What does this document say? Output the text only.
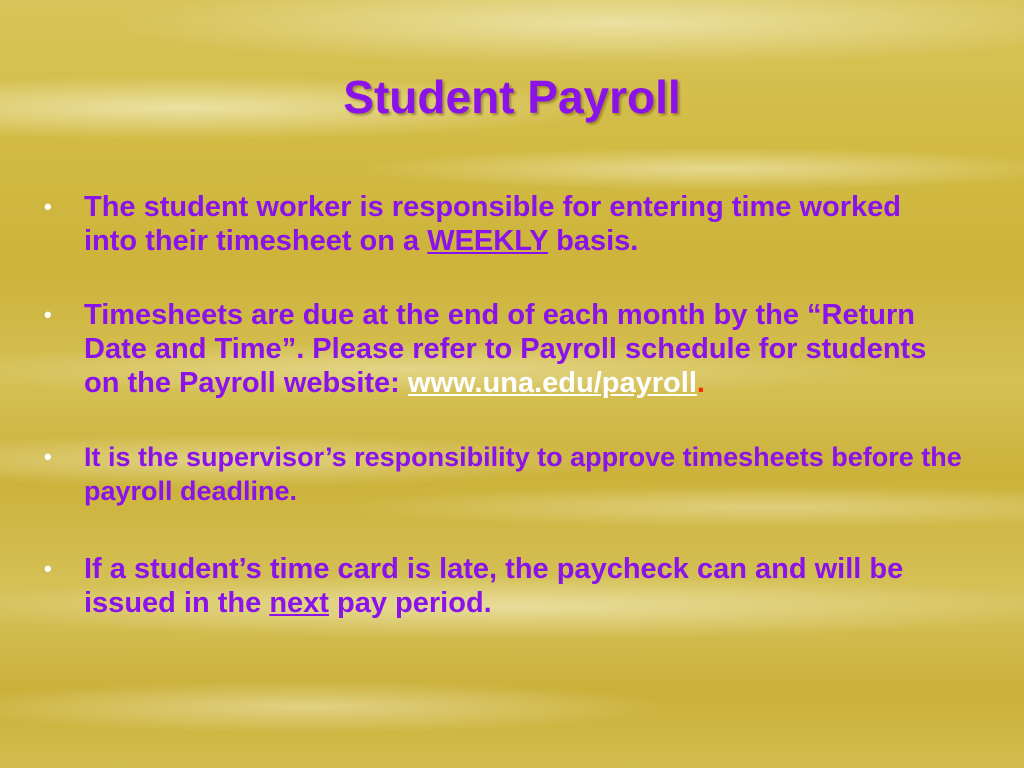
Student Payroll
• The student worker is responsible for entering time worked into their timesheet on a WEEKLY basis.
• Timesheets are due at the end of each month by the “Return Date and Time”. Please refer to Payroll schedule for students on the Payroll website: www.una.edu/payroll.
• It is the supervisor’s responsibility to approve timesheets before the payroll deadline.
• If a student’s time card is late, the paycheck can and will be issued in the next pay period.
